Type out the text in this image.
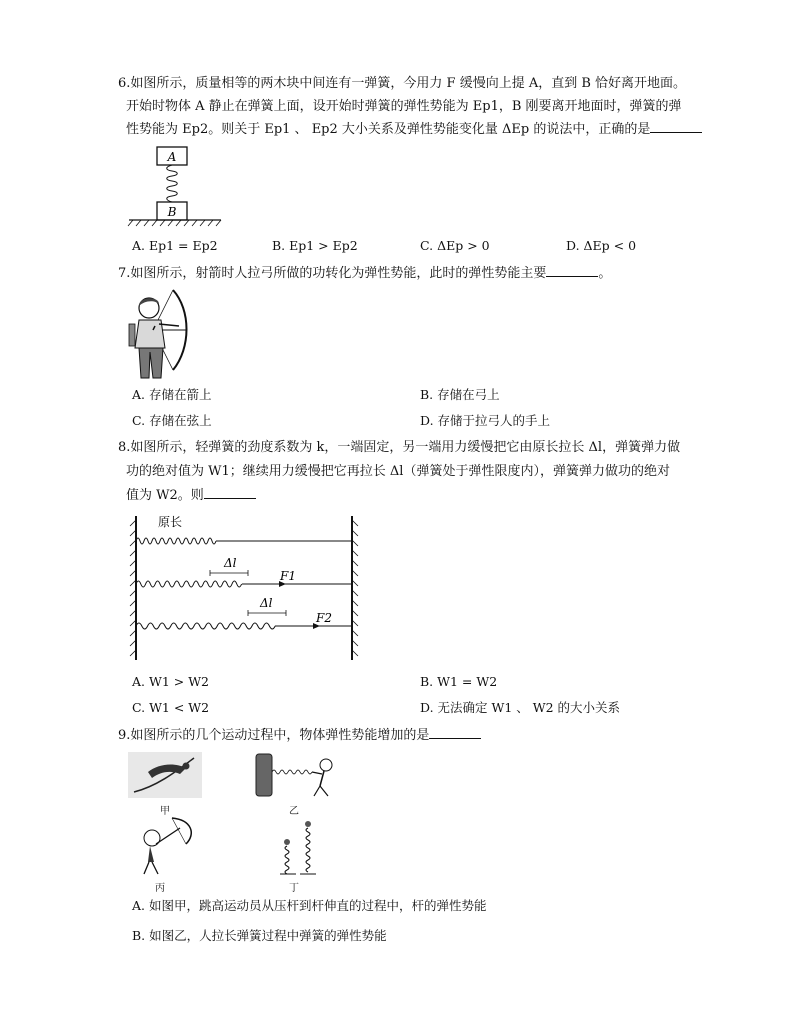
6.如图所示，质量相等的两木块中间连有一弹簧，今用力 F 缓慢向上提 A，直到 B 恰好离开地面。
开始时物体 A 静止在弹簧上面，设开始时弹簧的弹性势能为 Ep1，B 刚要离开地面时，弹簧的弹
性势能为 Ep2。则关于 Ep1 、 Ep2 大小关系及弹性势能变化量 ΔEp 的说法中，正确的是
A
B
A. Ep1 = Ep2	B. Ep1 > Ep2	C. ΔEp > 0	D. ΔEp < 0
7.如图所示，射箭时人拉弓所做的功转化为弹性势能，此时的弹性势能主要	。
A. 存储在箭上	B. 存储在弓上
C. 存储在弦上	D. 存储于拉弓人的手上
8.如图所示，轻弹簧的劲度系数为 k，一端固定，另一端用力缓慢把它由原长拉长 Δl，弹簧弹力做
功的绝对值为 W1；继续用力缓慢把它再拉长 Δl（弹簧处于弹性限度内），弹簧弹力做功的绝对
值为 W2。则
原长
Δl
F1
Δl
F2
A. W1 > W2	B. W1 = W2
C. W1 < W2	D. 无法确定 W1 、 W2 的大小关系
9.如图所示的几个运动过程中，物体弹性势能增加的是
甲	乙
丙	丁
A. 如图甲，跳高运动员从压杆到杆伸直的过程中，杆的弹性势能
B. 如图乙，人拉长弹簧过程中弹簧的弹性势能
